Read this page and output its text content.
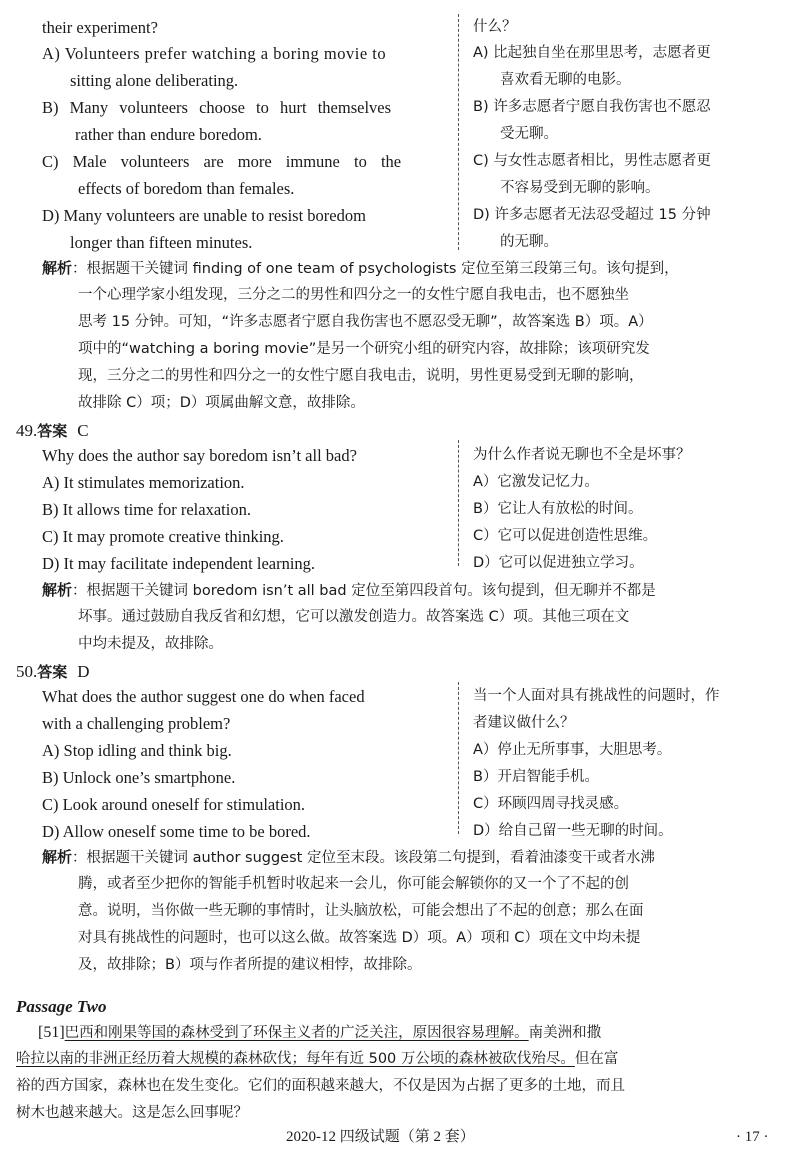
their experiment?	什么？
A) Volunteers prefer watching a boring movie to
sitting alone deliberating.
B) Many volunteers choose to hurt themselves
rather than endure boredom.
C) Male volunteers are more immune to the
effects of boredom than females.
D) Many volunteers are unable to resist boredom
longer than fifteen minutes.
A) 比起独自坐在那里思考，志愿者更
喜欢看无聊的电影。
B) 许多志愿者宁愿自我伤害也不愿忍
受无聊。
C) 与女性志愿者相比，男性志愿者更
不容易受到无聊的影响。
D) 许多志愿者无法忍受超过 15 分钟
的无聊。
解析：根据题干关键词 finding of one team of psychologists 定位至第三段第三句。该句提到，
一个心理学家小组发现，三分之二的男性和四分之一的女性宁愿自我电击，也不愿独坐
思考 15 分钟。可知，“许多志愿者宁愿自我伤害也不愿忍受无聊”，故答案选 B）项。A）
项中的“watching a boring movie”是另一个研究小组的研究内容，故排除；该项研究发
现，三分之二的男性和四分之一的女性宁愿自我电击，说明，男性更易受到无聊的影响，
故排除 C）项；D）项属曲解文意，故排除。
49.答案 C
Why does the author say boredom isn’t all bad?	为什么作者说无聊也不全是坏事？
A) It stimulates memorization.
B) It allows time for relaxation.
C) It may promote creative thinking.
D) It may facilitate independent learning.
A）它激发记忆力。
B）它让人有放松的时间。
C）它可以促进创造性思维。
D）它可以促进独立学习。
解析：根据题干关键词 boredom isn’t all bad 定位至第四段首句。该句提到，但无聊并不都是
坏事。通过鼓励自我反省和幻想，它可以激发创造力。故答案选 C）项。其他三项在文
中均未提及，故排除。
50.答案 D
What does the author suggest one do when faced
with a challenging problem?
当一个人面对具有挑战性的问题时，作
者建议做什么？
A) Stop idling and think big.
B) Unlock one’s smartphone.
C) Look around oneself for stimulation.
D) Allow oneself some time to be bored.
A）停止无所事事，大胆思考。
B）开启智能手机。
C）环顾四周寻找灵感。
D）给自己留一些无聊的时间。
解析：根据题干关键词 author suggest 定位至末段。该段第二句提到，看着油漆变干或者水沸
腾，或者至少把你的智能手机暂时收起来一会儿，你可能会解锁你的又一个了不起的创
意。说明，当你做一些无聊的事情时，让头脑放松，可能会想出了不起的创意；那么在面
对具有挑战性的问题时，也可以这么做。故答案选 D）项。A）项和 C）项在文中均未提
及，故排除；B）项与作者所提的建议相悖，故排除。
Passage Two
[51]巴西和刚果等国的森林受到了环保主义者的广泛关注，原因很容易理解。南美洲和撒
哈拉以南的非洲正经历着大规模的森林砍伐；每年有近 500 万公顷的森林被砍伐殆尽。但在富
裕的西方国家，森林也在发生变化。它们的面积越来越大，不仅是因为占据了更多的土地，而且
树木也越来越大。这是怎么回事呢？
2020-12 四级试题（第 2 套）	· 17 ·
